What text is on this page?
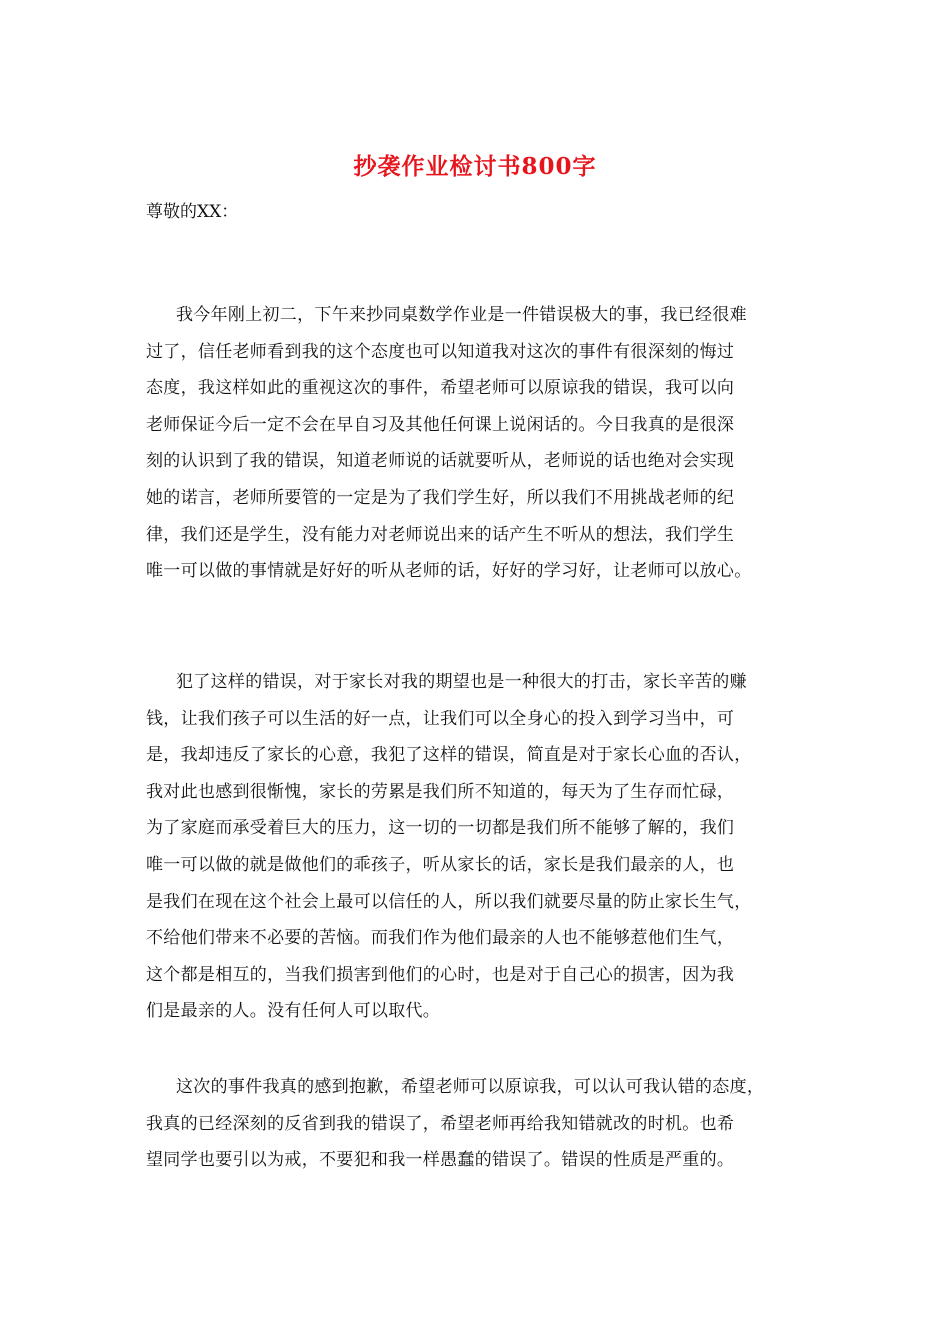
抄袭作业检讨书800字

尊敬的XX：

我今年刚上初二，下午来抄同桌数学作业是一件错误极大的事，我已经很难
过了，信任老师看到我的这个态度也可以知道我对这次的事件有很深刻的悔过
态度，我这样如此的重视这次的事件，希望老师可以原谅我的错误，我可以向
老师保证今后一定不会在早自习及其他任何课上说闲话的。今日我真的是很深
刻的认识到了我的错误，知道老师说的话就要听从，老师说的话也绝对会实现
她的诺言，老师所要管的一定是为了我们学生好，所以我们不用挑战老师的纪
律，我们还是学生，没有能力对老师说出来的话产生不听从的想法，我们学生
唯一可以做的事情就是好好的听从老师的话，好好的学习好，让老师可以放心。
犯了这样的错误，对于家长对我的期望也是一种很大的打击，家长辛苦的赚
钱，让我们孩子可以生活的好一点，让我们可以全身心的投入到学习当中，可
是，我却违反了家长的心意，我犯了这样的错误，简直是对于家长心血的否认，
我对此也感到很惭愧，家长的劳累是我们所不知道的，每天为了生存而忙碌，
为了家庭而承受着巨大的压力，这一切的一切都是我们所不能够了解的，我们
唯一可以做的就是做他们的乖孩子，听从家长的话，家长是我们最亲的人，也
是我们在现在这个社会上最可以信任的人，所以我们就要尽量的防止家长生气，
不给他们带来不必要的苦恼。而我们作为他们最亲的人也不能够惹他们生气，
这个都是相互的，当我们损害到他们的心时，也是对于自己心的损害，因为我
们是最亲的人。没有任何人可以取代。
这次的事件我真的感到抱歉，希望老师可以原谅我，可以认可我认错的态度，
我真的已经深刻的反省到我的错误了，希望老师再给我知错就改的时机。也希
望同学也要引以为戒，不要犯和我一样愚蠢的错误了。错误的性质是严重的。
